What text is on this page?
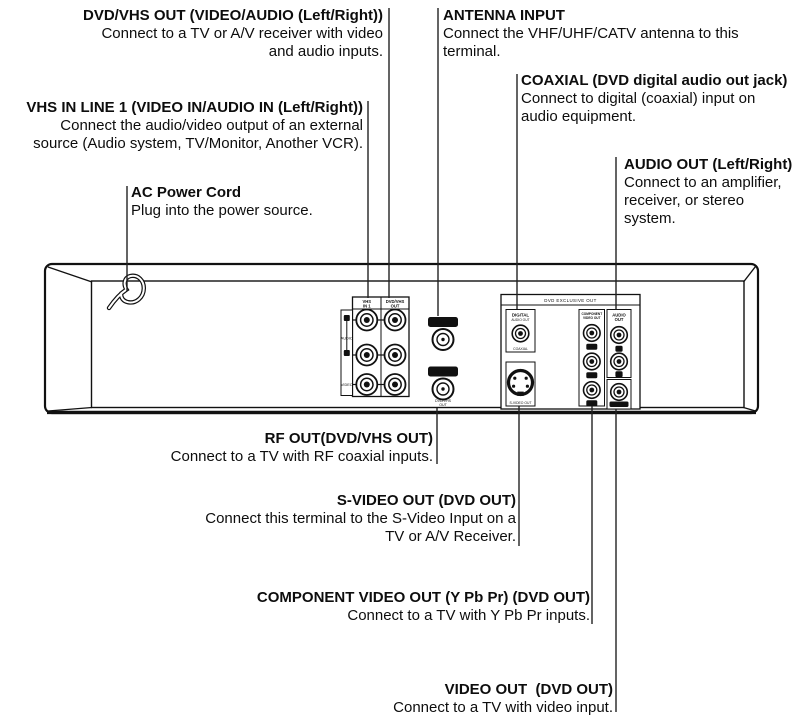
VHS
IN 1
DVD/VHS
OUT
R
AUDIO
L
VIDEO
ANT.IN
RF.OUT
DVD/VHS
OUT
DVD EXCLUSIVE OUT
DIGITAL
AUDIO OUT
COAXIAL
S-VIDEO OUT
COMPONENT
VIDEO OUT
Pb
Pr
Y
AUDIO
OUT
R
L
VIDEO OUT
DVD/VHS OUT (VIDEO/AUDIO (Left/Right))
Connect to a TV or A/V receiver with video
and audio inputs.
ANTENNA INPUT
Connect the VHF/UHF/CATV antenna to this
terminal.
VHS IN LINE 1 (VIDEO IN/AUDIO IN (Left/Right))
Connect the audio/video output of an external
source (Audio system, TV/Monitor, Another VCR).
COAXIAL (DVD digital audio out jack)
Connect to digital (coaxial) input on
audio equipment.
AUDIO OUT (Left/Right)
Connect to an amplifier,
receiver, or stereo
system.
AC Power Cord
Plug into the power source.
RF OUT(DVD/VHS OUT)
Connect to a TV with RF coaxial inputs.
S-VIDEO OUT (DVD OUT)
Connect this terminal to the S-Video Input on a
TV or A/V Receiver.
COMPONENT VIDEO OUT (Y Pb Pr) (DVD OUT)
Connect to a TV with Y Pb Pr inputs.
VIDEO OUT  (DVD OUT)
Connect to a TV with video input.
